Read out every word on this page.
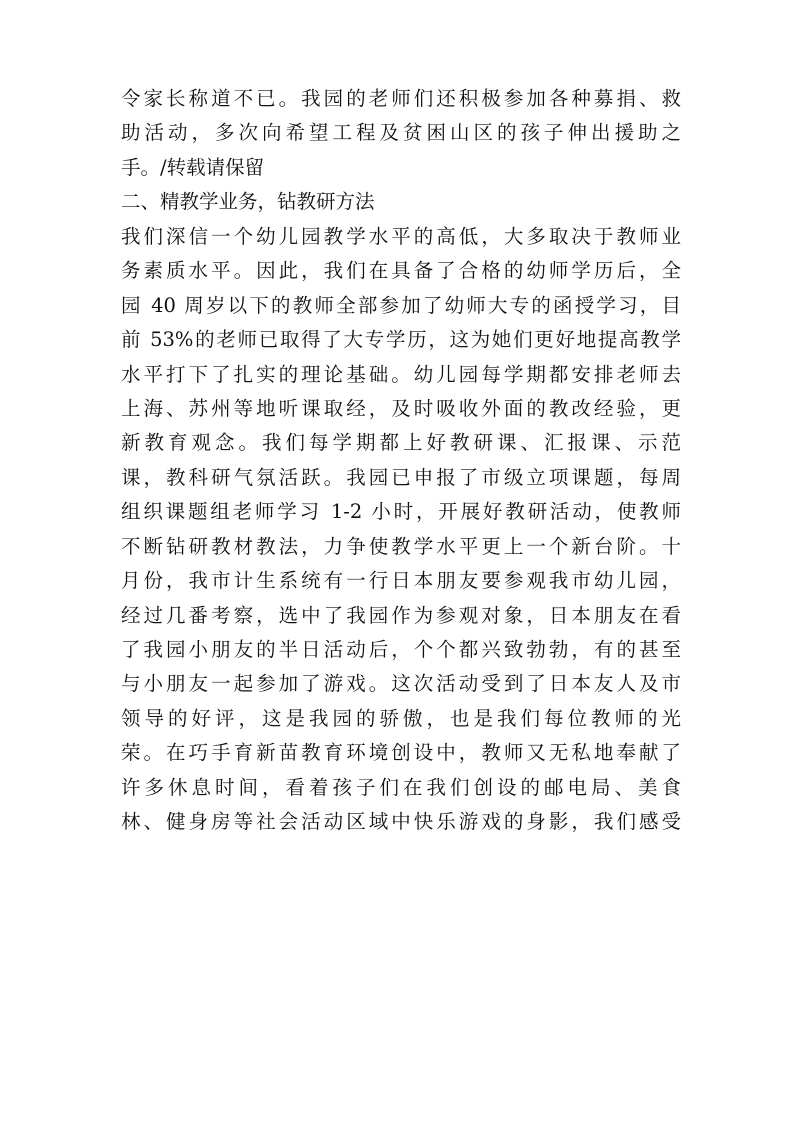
令家长称道不已。我园的老师们还积极参加各种募捐、救
助活动，多次向希望工程及贫困山区的孩子伸出援助之
手。/转载请保留
二、精教学业务，钻教研方法
我们深信一个幼儿园教学水平的高低，大多取决于教师业
务素质水平。因此，我们在具备了合格的幼师学历后，全
园 40 周岁以下的教师全部参加了幼师大专的函授学习，目
前 53%的老师已取得了大专学历，这为她们更好地提高教学
水平打下了扎实的理论基础。幼儿园每学期都安排老师去
上海、苏州等地听课取经，及时吸收外面的教改经验，更
新教育观念。我们每学期都上好教研课、汇报课、示范
课，教科研气氛活跃。我园已申报了市级立项课题，每周
组织课题组老师学习 1-2 小时，开展好教研活动，使教师
不断钻研教材教法，力争使教学水平更上一个新台阶。十
月份，我市计生系统有一行日本朋友要参观我市幼儿园，
经过几番考察，选中了我园作为参观对象，日本朋友在看
了我园小朋友的半日活动后，个个都兴致勃勃，有的甚至
与小朋友一起参加了游戏。这次活动受到了日本友人及市
领导的好评，这是我园的骄傲，也是我们每位教师的光
荣。在巧手育新苗教育环境创设中，教师又无私地奉献了
许多休息时间，看着孩子们在我们创设的邮电局、美食
林、健身房等社会活动区域中快乐游戏的身影，我们感受
